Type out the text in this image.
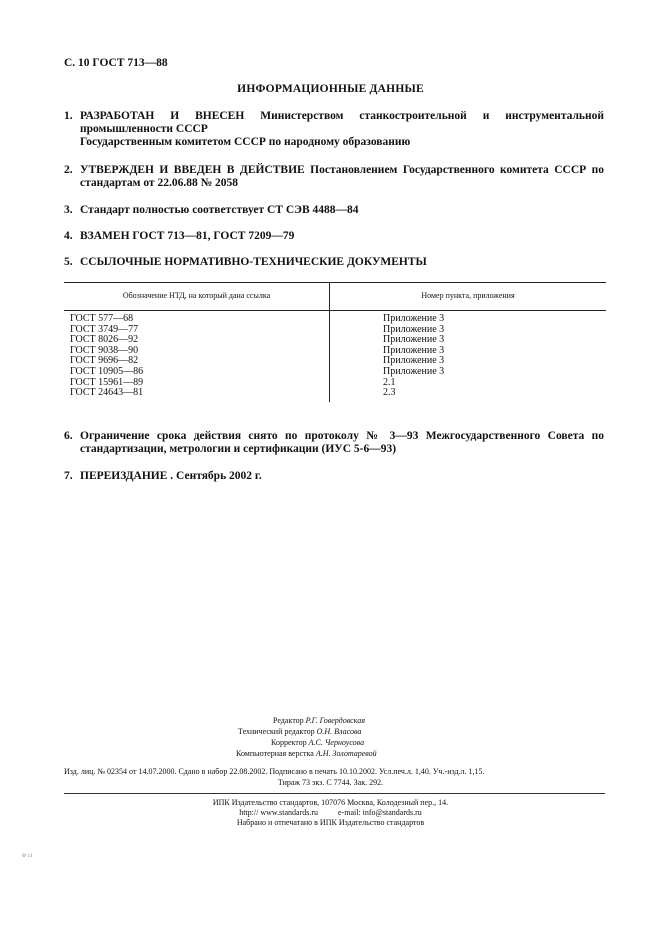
С. 10 ГОСТ 713—88
ИНФОРМАЦИОННЫЕ ДАННЫЕ
1. РАЗРАБОТАН И ВНЕСЕН Министерством станкостроительной и инструментальной промышленности СССР
Государственным комитетом СССР по народному образованию
2. УТВЕРЖДЕН И ВВЕДЕН В ДЕЙСТВИЕ Постановлением Государственного комитета СССР по стандартам от 22.06.88 № 2058
3. Стандарт полностью соответствует СТ СЭВ 4488—84
4. ВЗАМЕН ГОСТ 713—81, ГОСТ 7209—79
5. ССЫЛОЧНЫЕ НОРМАТИВНО-ТЕХНИЧЕСКИЕ ДОКУМЕНТЫ
Обозначение НТД, на который дана ссылка	Номер пункта, приложения
ГОСТ 577—68	Приложение 3
ГОСТ 3749—77	Приложение 3
ГОСТ 8026—92	Приложение 3
ГОСТ 9038—90	Приложение 3
ГОСТ 9696—82	Приложение 3
ГОСТ 10905—86	Приложение 3
ГОСТ 15961—89	2.1
ГОСТ 24643—81	2.3
6. Ограничение срока действия снято по протоколу № 3—93 Межгосударственного Совета по стандартизации, метрологии и сертификации (ИУС 5-6—93)
7. ПЕРЕИЗДАНИЕ . Сентябрь 2002 г.
Редактор Р.Г. Говердовская
Технический редактор О.Н. Власова
Корректор А.С. Черноусова
Компьютерная верстка А.Н. Золотаревой
Изд. лиц. № 02354 от 14.07.2000. Сдано в набор 22.08.2002. Подписано в печать 10.10.2002. Усл.печ.л. 1,40. Уч.-изд.л. 1,15.
Тираж 73 экз. С 7744. Зак. 292.
ИПК Издательство стандартов, 107076 Москва, Колодезный пер., 14.
http:// www.standards.ru          e-mail: info@standards.ru
Набрано и отпечатано в ИПК Издательство стандартов
Ф 14
